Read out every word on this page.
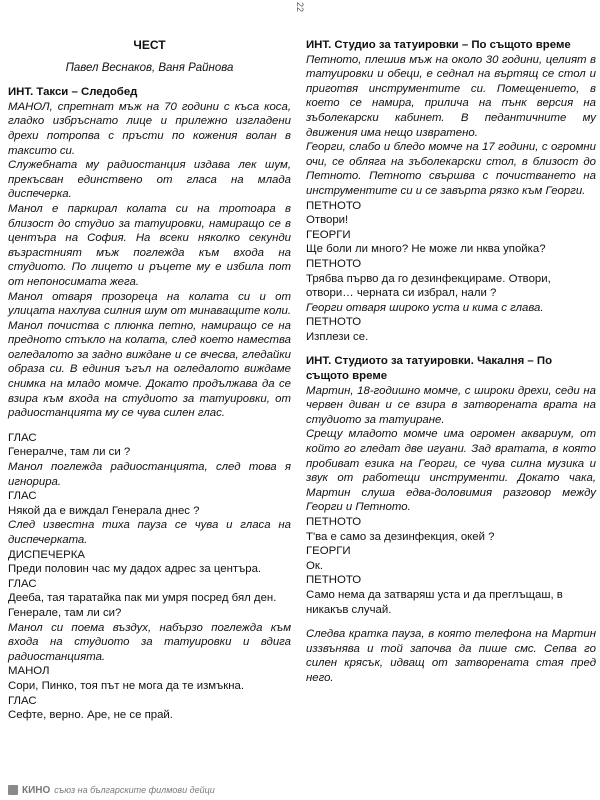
22
ЧЕСТ
Павел Веснаков, Ваня Райнова
ИНТ. Такси – Следобед
МАНОЛ, спретнат мъж на 70 години с къса коса, гладко избръснато лице и прилежно изгладени дрехи потропва с пръсти по кожения волан в таксито си.
Служебната му радиостанция издава лек шум, прекъсван единствено от гласа на млада диспечерка.
Манол е паркирал колата си на тротоара в близост до студио за татуировки, намиращо се в центъра на София. На всеки няколко секунди възрастният мъж поглежда към входа на студиото. По лицето и ръцете му е избила пот от непоносимата жега.
Манол отваря прозореца на колата си и от улицата нахлува силния шум от минаващите коли. Манол почиства с плюнка петно, намиращо се на предното стъкло на колата, след което намества огледалото за задно виждане и се вчесва, гледайки образа си. В единия ъгъл на огледалото виждаме снимка на младо момче. Докато продължава да се взира към входа на студиото за татуировки, от радиостанцията му се чува силен глас.
ГЛАС
Генералче, там ли си ?
Манол поглежда радиостанцията, след това я игнорира.
ГЛАС
Някой да е виждал Генерала днес ?
След известна тиха пауза се чува и гласа на диспечерката.
ДИСПЕЧЕРКА
Преди половин час му дадох адрес за центъра.
ГЛАС
Дееба, тая таратайка пак ми умря посред бял ден. Генерале, там ли си?
Манол си поема въздух, набързо поглежда към входа на студиото за татуировки и вдига радиостанцията.
МАНОЛ
Сори, Пинко, тоя път не мога да те измъкна.
ГЛАС
Сефте, верно. Аре, не се прай.
ИНТ. Студио за татуировки – По същото време
Петното, плешив мъж на около 30 години, целият в татуировки и обеци, е седнал на въртящ се стол и приготвя инструментите си. Помещението, в което се намира, прилича на пънк версия на зъболекарски кабинет. В педантичните му движения има нещо извратено.
Георги, слабо и бледо момче на 17 години, с огромни очи, се обляга на зъболекарски стол, в близост до Петното. Петното свършва с почистването на инструментите си и се завърта рязко към Георги.
ПЕТНОТО
Отвори!
ГЕОРГИ
Ще боли ли много? Не може ли нква упойка?
ПЕТНОТО
Трябва първо да го дезинфекцираме. Отвори, отвори… черната си избрал, нали ?
Георги отваря широко уста и кима с глава.
ПЕТНОТО
Изплези се.
ИНТ. Студиото за татуировки. Чакалня – По същото време
Мартин, 18-годишно момче, с широки дрехи, седи на червен диван и се взира в затворената врата на студиото за татуиране.
Срещу младото момче има огромен аквариум, от който го гледат две игуани. Зад вратата, в която пробиват езика на Георги, се чува силна музика и звук от работещи инструменти. Докато чака, Мартин слуша едва-доловимия разговор между Георги и Петното.
ПЕТНОТО
Т'ва е само за дезинфекция, окей ?
ГЕОРГИ
Ок.
ПЕТНОТО
Само нема да затваряш уста и да преглъщаш, в никакъв случай.
Следва кратка пауза, в която телефона на Мартин иззвънява и той започва да пише смс. Сепва го силен крясък, идващ от затворената стая пред него.
КИНО съюз на българските филмови дейци
